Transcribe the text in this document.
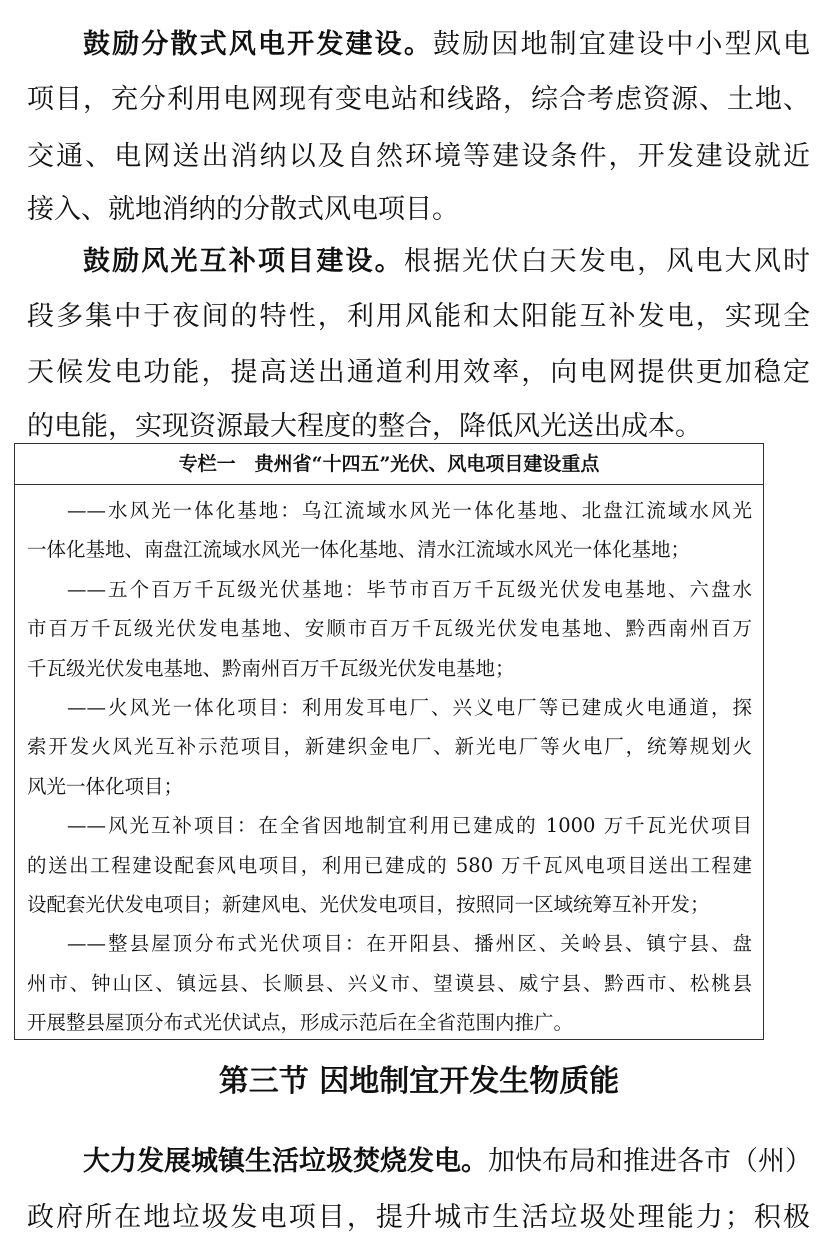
专栏一　贵州省“十四五”光伏、风电项目建设重点
——水风光一体化基地：乌江流域水风光一体化基地、北盘江流域水风光
一体化基地、南盘江流域水风光一体化基地、清水江流域水风光一体化基地；
——五个百万千瓦级光伏基地：毕节市百万千瓦级光伏发电基地、六盘水
市百万千瓦级光伏发电基地、安顺市百万千瓦级光伏发电基地、黔西南州百万
千瓦级光伏发电基地、黔南州百万千瓦级光伏发电基地；
——火风光一体化项目：利用发耳电厂、兴义电厂等已建成火电通道，探
索开发火风光互补示范项目，新建织金电厂、新光电厂等火电厂，统筹规划火
风光一体化项目；
——风光互补项目：在全省因地制宜利用已建成的 1000 万千瓦光伏项目
的送出工程建设配套风电项目，利用已建成的 580 万千瓦风电项目送出工程建
设配套光伏发电项目；新建风电、光伏发电项目，按照同一区域统筹互补开发；
——整县屋顶分布式光伏项目：在开阳县、播州区、关岭县、镇宁县、盘
州市、钟山区、镇远县、长顺县、兴义市、望谟县、威宁县、黔西市、松桃县
开展整县屋顶分布式光伏试点，形成示范后在全省范围内推广。
第三节 因地制宜开发生物质能
鼓励分散式风电开发建设。鼓励因地制宜建设中小型风电
项目，充分利用电网现有变电站和线路，综合考虑资源、土地、
交通、电网送出消纳以及自然环境等建设条件，开发建设就近
接入、就地消纳的分散式风电项目。
鼓励风光互补项目建设。根据光伏白天发电，风电大风时
段多集中于夜间的特性，利用风能和太阳能互补发电，实现全
天候发电功能，提高送出通道利用效率，向电网提供更加稳定
的电能，实现资源最大程度的整合，降低风光送出成本。
大力发展城镇生活垃圾焚烧发电。加快布局和推进各市（州）
政府所在地垃圾发电项目，提升城市生活垃圾处理能力；积极
